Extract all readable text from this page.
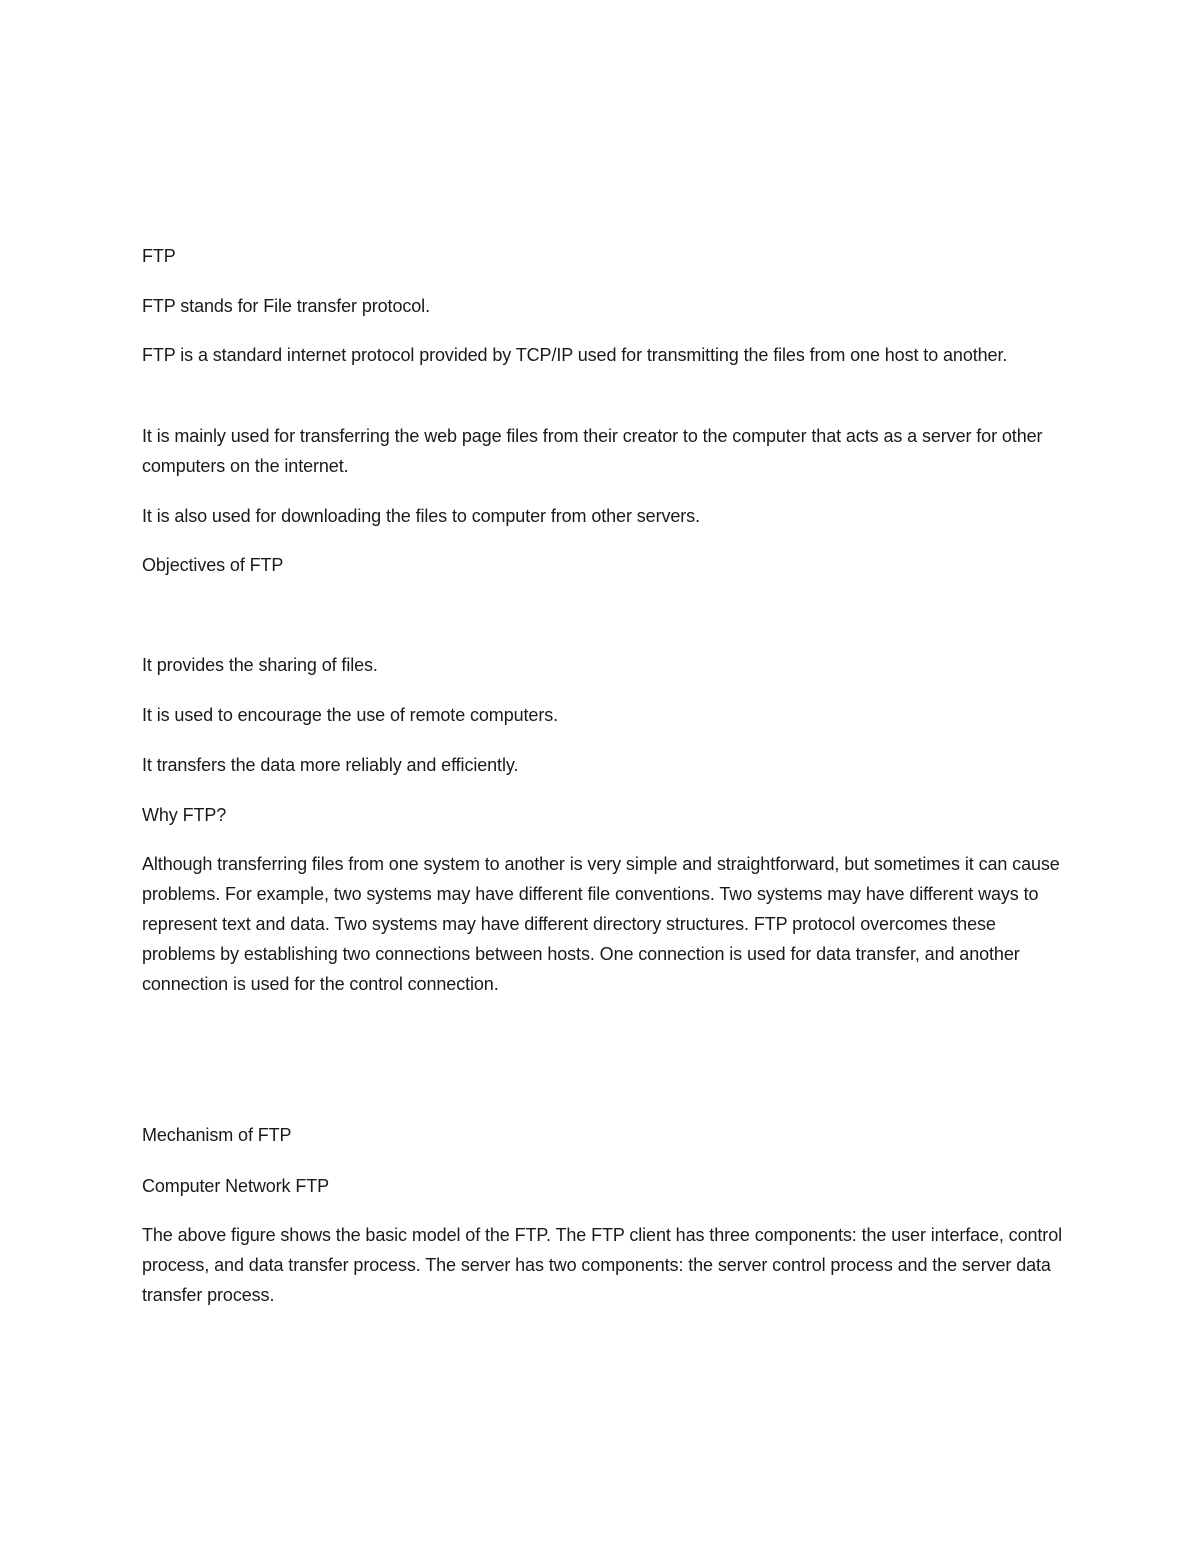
FTP

FTP stands for File transfer protocol.

FTP is a standard internet protocol provided by TCP/IP used for transmitting the files from one host to another.

It is mainly used for transferring the web page files from their creator to the computer that acts as a server for other computers on the internet.

It is also used for downloading the files to computer from other servers.

Objectives of FTP

It provides the sharing of files.

It is used to encourage the use of remote computers.

It transfers the data more reliably and efficiently.

Why FTP?

Although transferring files from one system to another is very simple and straightforward, but sometimes it can cause problems. For example, two systems may have different file conventions. Two systems may have different ways to represent text and data. Two systems may have different directory structures. FTP protocol overcomes these problems by establishing two connections between hosts. One connection is used for data transfer, and another connection is used for the control connection.

Mechanism of FTP

Computer Network FTP

The above figure shows the basic model of the FTP. The FTP client has three components: the user interface, control process, and data transfer process. The server has two components: the server control process and the server data transfer process.
